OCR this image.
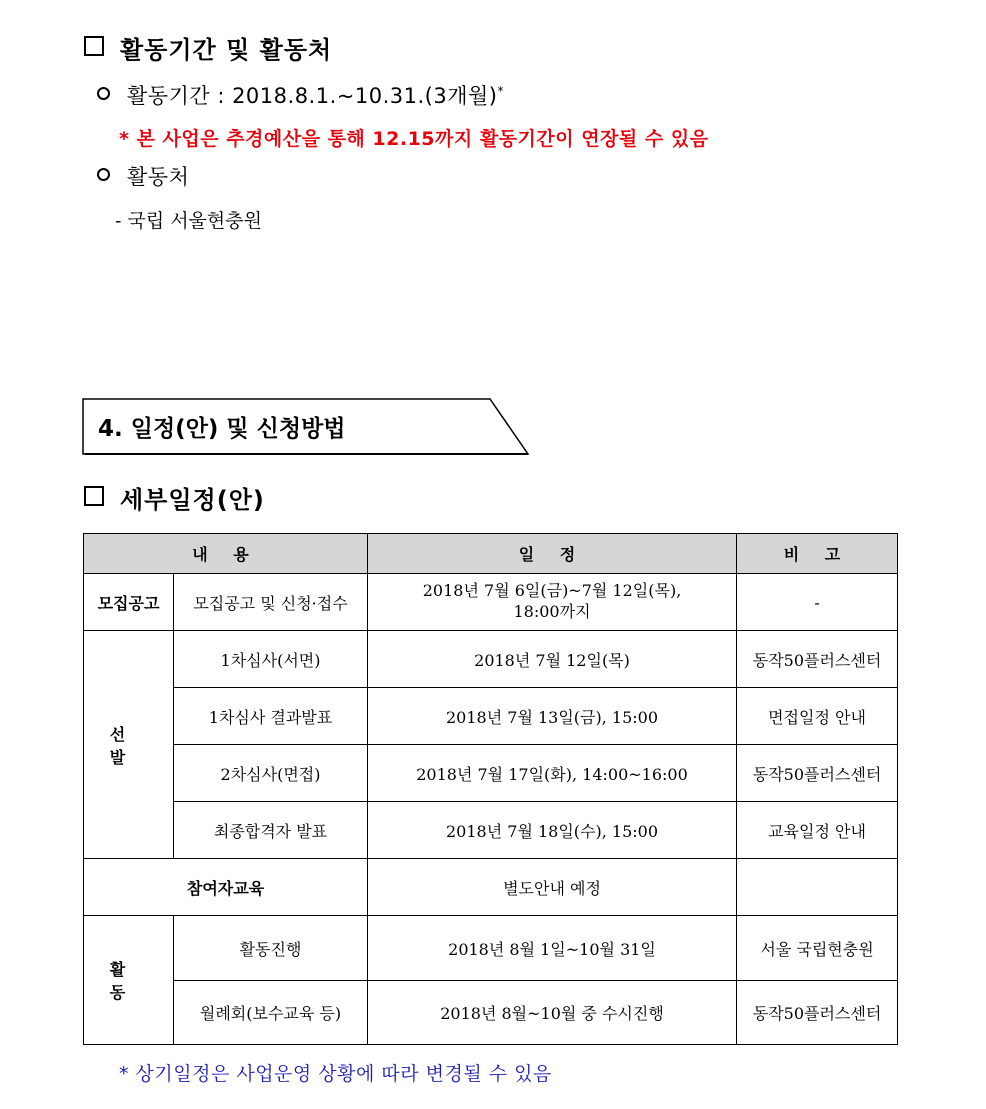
활동기간 및 활동처
활동기간 : 2018.8.1.~10.31.(3개월)*
* 본 사업은 추경예산을 통해 12.15까지 활동기간이 연장될 수 있음
활동처
- 국립 서울현충원
4. 일정(안) 및 신청방법
세부일정(안)
내 용		일 정	비 고
모집공고	모집공고 및 신청·접수	2018년 7월 6일(금)~7월 12일(목), 18:00까지	-
선 발	1차심사(서면)	2018년 7월 12일(목)	동작50플러스센터
	1차심사 결과발표	2018년 7월 13일(금), 15:00	면접일정 안내
	2차심사(면접)	2018년 7월 17일(화), 14:00~16:00	동작50플러스센터
	최종합격자 발표	2018년 7월 18일(수), 15:00	교육일정 안내
참여자교육		별도안내 예정	
활 동	활동진행	2018년 8월 1일~10월 31일	서울 국립현충원
	월례회(보수교육 등)	2018년 8월~10월 중 수시진행	동작50플러스센터
* 상기일정은 사업운영 상황에 따라 변경될 수 있음
